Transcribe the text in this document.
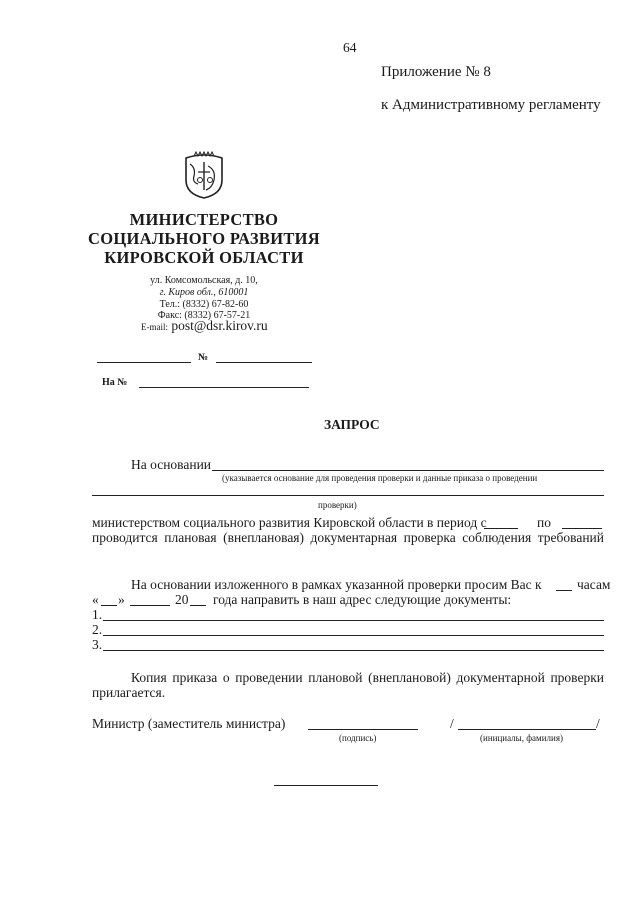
64
Приложение № 8
к Административному регламенту
МИНИСТЕРСТВО
СОЦИАЛЬНОГО РАЗВИТИЯ
КИРОВСКОЙ ОБЛАСТИ
ул. Комсомольская, д. 10,
г. Киров обл., 610001
Тел.: (8332) 67-82-60
Факс: (8332) 67-57-21
E-mail: post@dsr.kirov.ru
№
На №
ЗАПРОС
На основании
(указывается основание для проведения проверки и данные приказа о проведении
проверки)
министерством социального развития Кировской области в период с	по
проводится плановая (внеплановая) документарная проверка соблюдения требований
На основании изложенного в рамках указанной проверки просим Вас к	часам
« »	20 года направить в наш адрес следующие документы:
1.
2.
3.
Копия приказа о проведении плановой (внеплановой) документарной проверки
прилагается.
Министр (заместитель министра)
(подпись)
/	/
(инициалы, фамилия)
